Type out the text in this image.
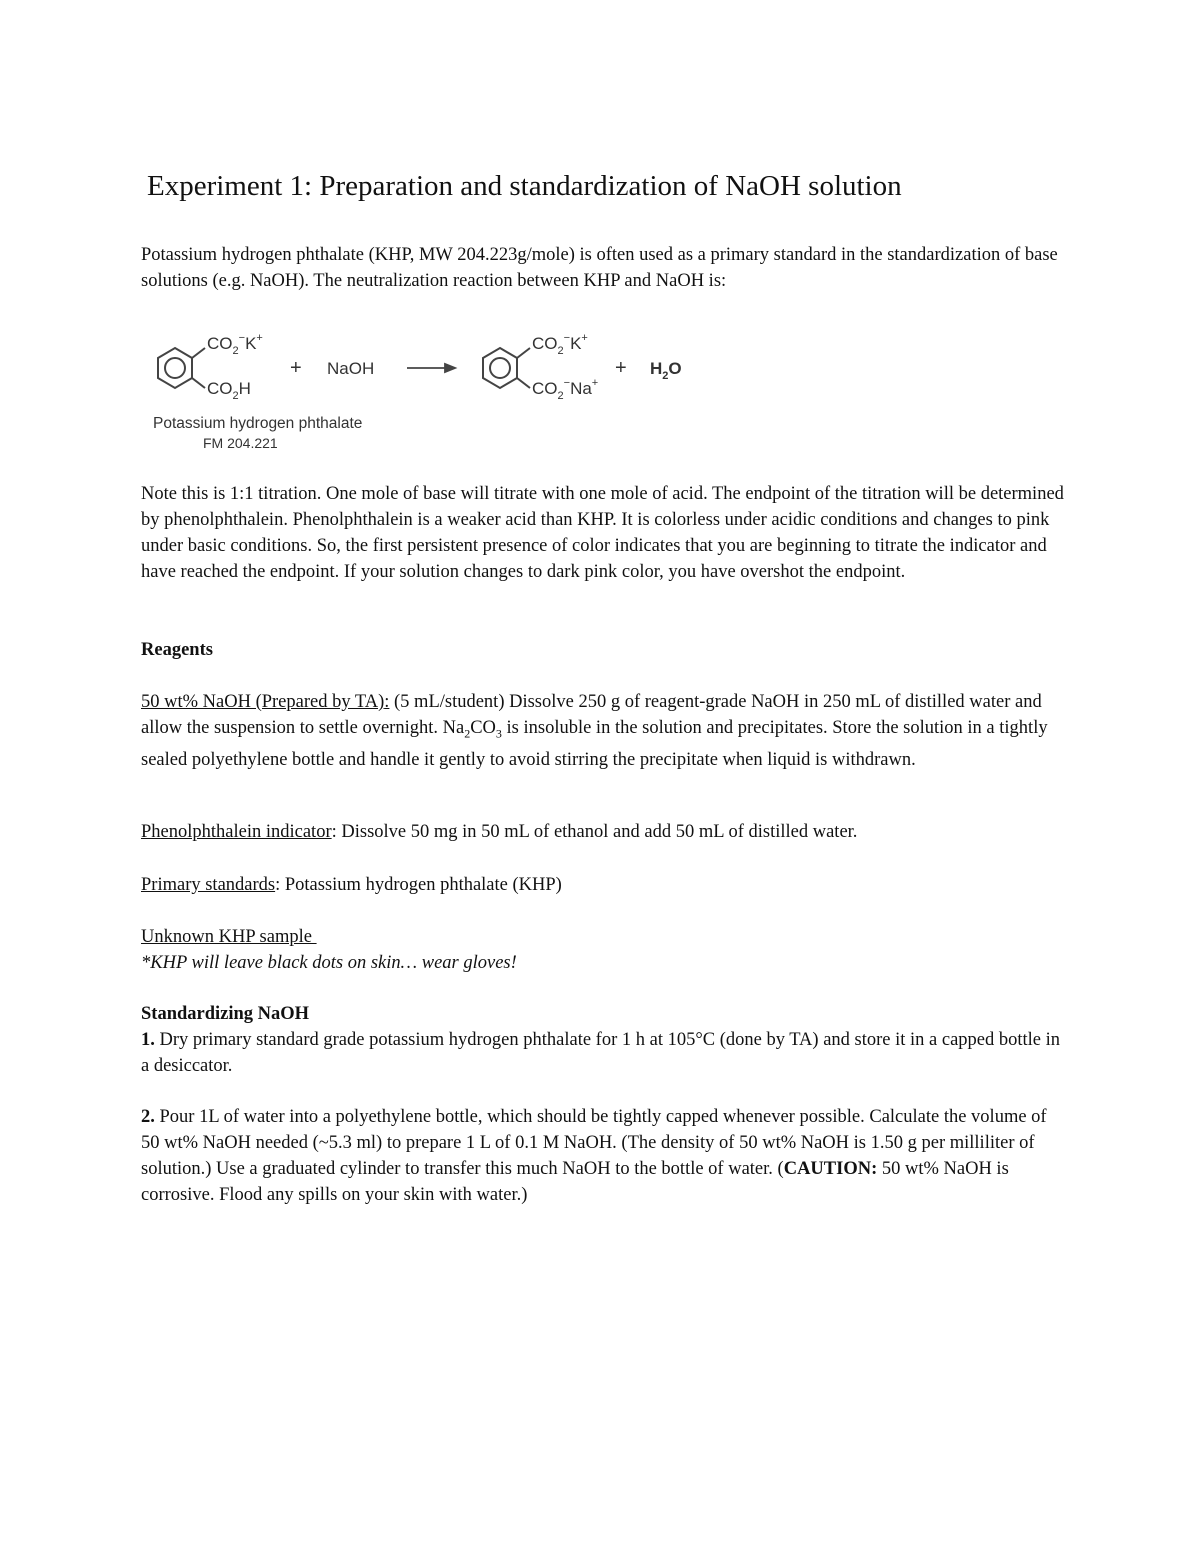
Experiment 1: Preparation and standardization of NaOH solution

Potassium hydrogen phthalate (KHP, MW 204.223g/mole) is often used as a primary standard in the standardization of base solutions (e.g. NaOH). The neutralization reaction between KHP and NaOH is:

$CO_2^-K^+$
$CO_2H$
+ NaOH
$CO_2^-K^+$
$CO_2^-Na^+$
+ $H_2O$
Potassium hydrogen phthalate
FM 204.221

Note this is 1:1 titration. One mole of base will titrate with one mole of acid. The endpoint of the titration will be determined by phenolphthalein. Phenolphthalein is a weaker acid than KHP. It is colorless under acidic conditions and changes to pink under basic conditions. So, the first persistent presence of color indicates that you are beginning to titrate the indicator and have reached the endpoint. If your solution changes to dark pink color, you have overshot the endpoint.

Reagents

50 wt% NaOH (Prepared by TA): (5 mL/student) Dissolve 250 g of reagent-grade NaOH in 250 mL of distilled water and allow the suspension to settle overnight. $Na_2CO_3$ is insoluble in the solution and precipitates. Store the solution in a tightly sealed polyethylene bottle and handle it gently to avoid stirring the precipitate when liquid is withdrawn.

Phenolphthalein indicator: Dissolve 50 mg in 50 mL of ethanol and add 50 mL of distilled water.

Primary standards: Potassium hydrogen phthalate (KHP)

Unknown KHP sample
*KHP will leave black dots on skin… wear gloves!

Standardizing NaOH

1. Dry primary standard grade potassium hydrogen phthalate for 1 h at 105°C (done by TA) and store it in a capped bottle in a desiccator.

2. Pour 1L of water into a polyethylene bottle, which should be tightly capped whenever possible. Calculate the volume of 50 wt% NaOH needed (~5.3 ml) to prepare 1 L of 0.1 M NaOH. (The density of 50 wt% NaOH is 1.50 g per milliliter of solution.) Use a graduated cylinder to transfer this much NaOH to the bottle of water. (CAUTION: 50 wt% NaOH is corrosive. Flood any spills on your skin with water.)
